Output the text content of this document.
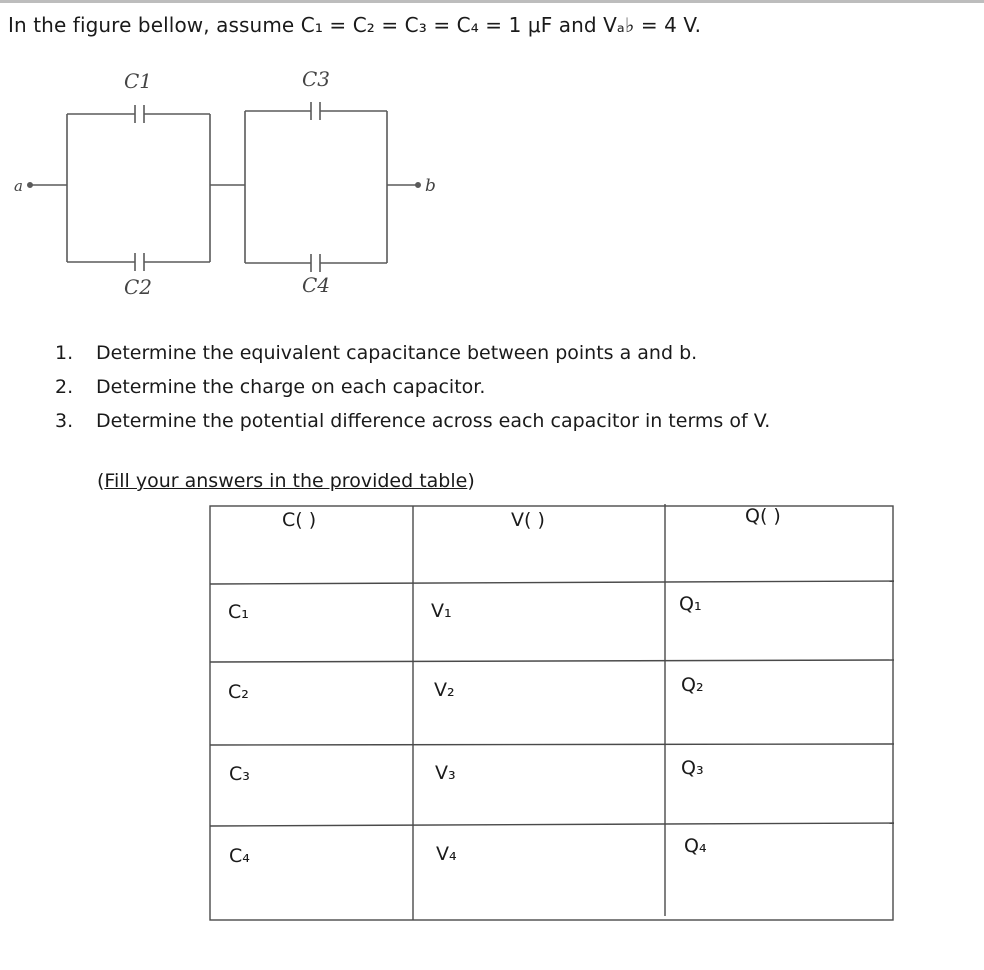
In the figure bellow, assume C₁ = C₂ = C₃ = C₄ = 1 μF and Vₐ♭ = 4 V.
C1
C2
C3
C4
a	b
1. Determine the equivalent capacitance between points a and b.
2. Determine the charge on each capacitor.
3. Determine the potential difference across each capacitor in terms of V.
(Fill your answers in the provided table)
C( )	V( )	Q( )
C₁	V₁	Q₁
C₂	V₂	Q₂
C₃	V₃	Q₃
C₄	V₄	Q₄
